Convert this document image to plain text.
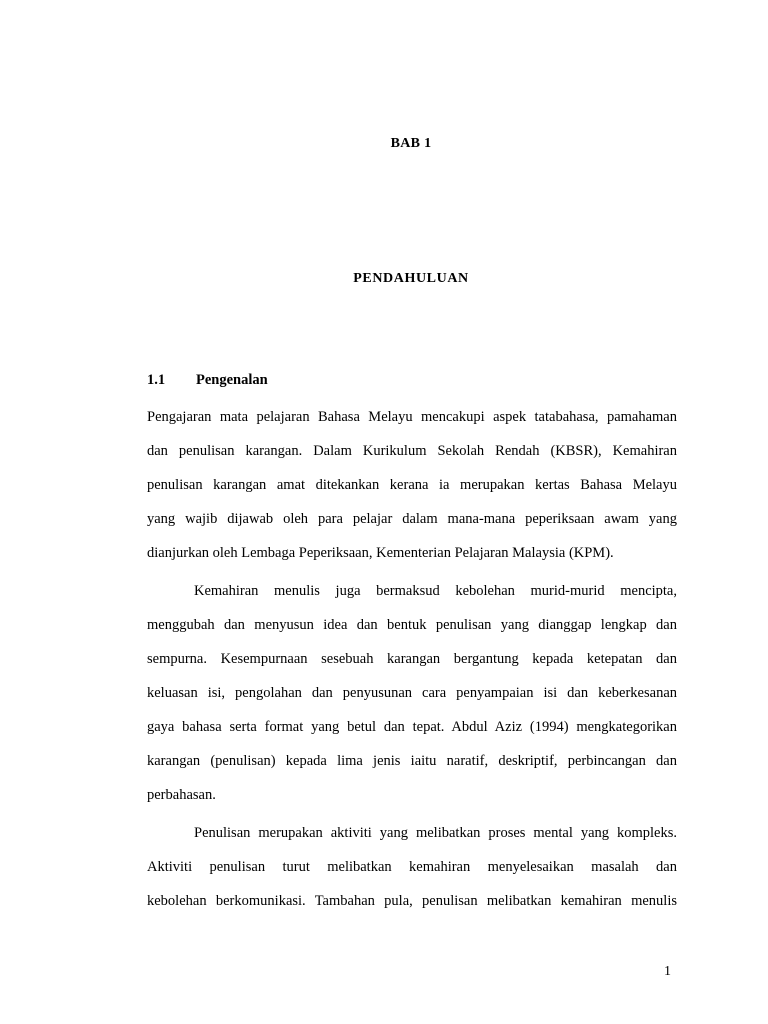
BAB 1
PENDAHULUAN
1.1 Pengenalan

Pengajaran mata pelajaran Bahasa Melayu mencakupi aspek tatabahasa, pamahaman
dan penulisan karangan. Dalam Kurikulum Sekolah Rendah (KBSR), Kemahiran
penulisan karangan amat ditekankan kerana ia merupakan kertas Bahasa Melayu
yang wajib dijawab oleh para pelajar dalam mana-mana peperiksaan awam yang
dianjurkan oleh Lembaga Peperiksaan, Kementerian Pelajaran Malaysia (KPM).

Kemahiran menulis juga bermaksud kebolehan murid-murid mencipta,
menggubah dan menyusun idea dan bentuk penulisan yang dianggap lengkap dan
sempurna. Kesempurnaan sesebuah karangan bergantung kepada ketepatan dan
keluasan isi, pengolahan dan penyusunan cara penyampaian isi dan keberkesanan
gaya bahasa serta format yang betul dan tepat. Abdul Aziz (1994) mengkategorikan
karangan (penulisan) kepada lima jenis iaitu naratif, deskriptif, perbincangan dan
perbahasan.

Penulisan merupakan aktiviti yang melibatkan proses mental yang kompleks.
Aktiviti penulisan turut melibatkan kemahiran menyelesaikan masalah dan
kebolehan berkomunikasi. Tambahan pula, penulisan melibatkan kemahiran menulis

1
